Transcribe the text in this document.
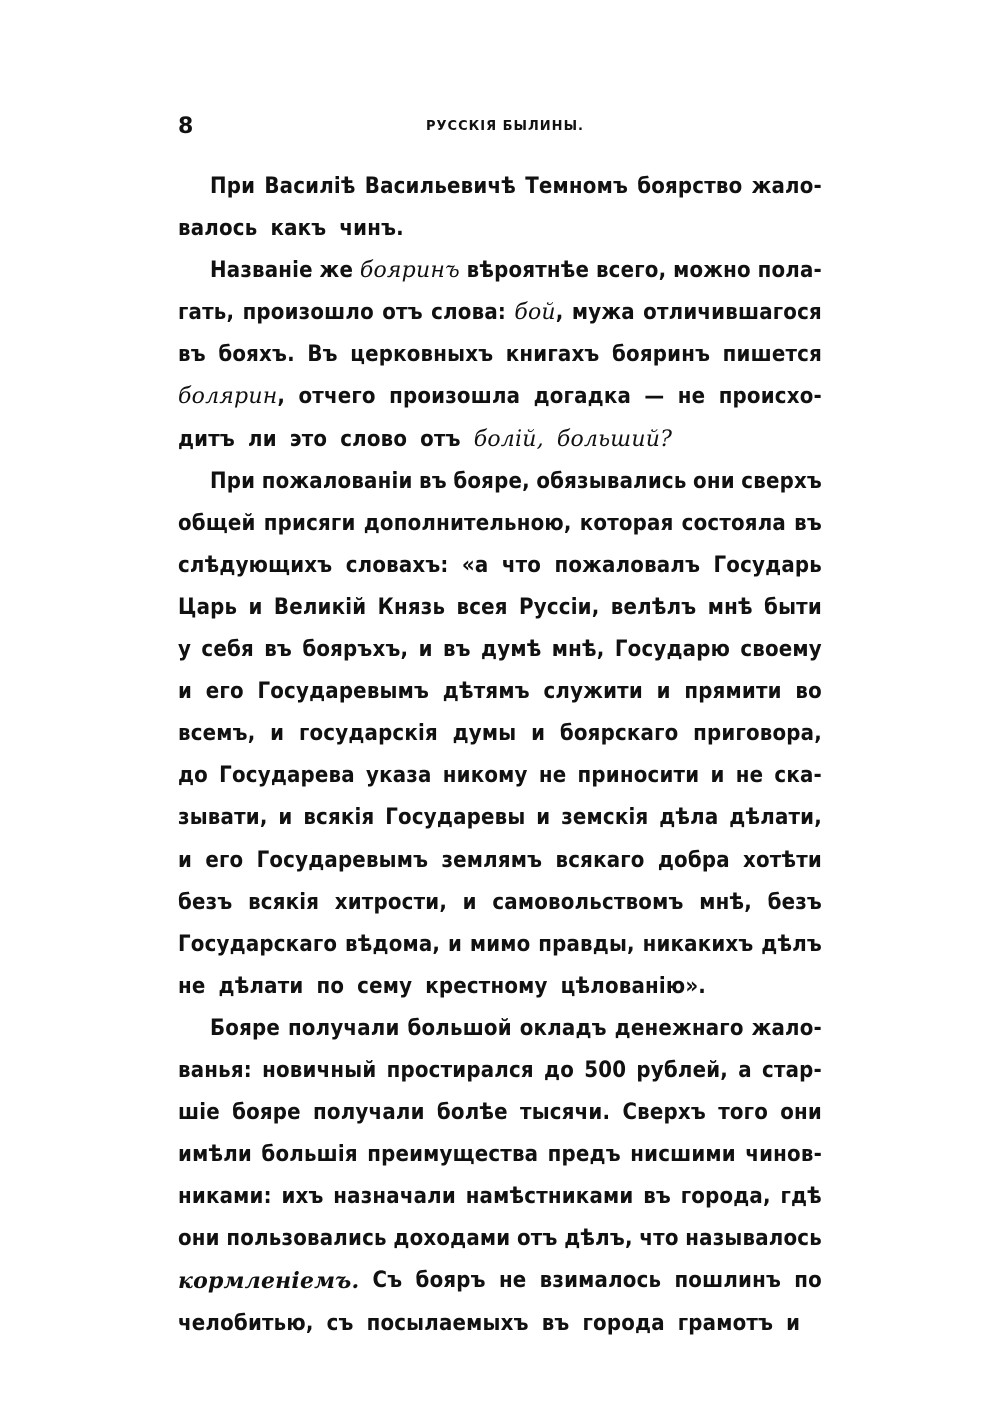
8	РУССКІЯ БЫЛИНЫ.
При Василіѣ Васильевичѣ Темномъ боярство жало-
валось какъ чинъ.
Названіе же бояринъ вѣроятнѣе всего, можно пола-
гать, произошло отъ слова: бой, мужа отличившагося
въ бояхъ. Въ церковныхъ книгахъ бояринъ пишется
болярин, отчего произошла догадка — не происхо-
дитъ ли это слово отъ болій, больший?
При пожалованіи въ бояре, обязывались они сверхъ
общей присяги дополнительною, которая состояла въ
слѣдующихъ словахъ: «а что пожаловалъ Государь
Царь и Великій Князь всея Руссіи, велѣлъ мнѣ быти
у себя въ бояръхъ, и въ думѣ мнѣ, Государю своему
и его Государевымъ дѣтямъ служити и прямити во
всемъ, и государскія думы и боярскаго приговора,
до Государева указа никому не приносити и не ска-
зывати, и всякія Государевы и земскія дѣла дѣлати,
и его Государевымъ землямъ всякаго добра хотѣти
безъ всякія хитрости, и самовольствомъ мнѣ, безъ
Государскаго вѣдома, и мимо правды, никакихъ дѣлъ
не дѣлати по сему крестному цѣлованію».
Бояре получали большой окладъ денежнаго жало-
ванья: новичный простирался до 500 рублей, а стар-
шіе бояре получали болѣе тысячи. Сверхъ того они
имѣли большія преимущества предъ нисшими чинов-
никами: ихъ назначали намѣстниками въ города, гдѣ
они пользовались доходами отъ дѣлъ, что называлось
кормленіемъ. Съ бояръ не взималось пошлинъ по
челобитью, съ посылаемыхъ въ города грамотъ и
